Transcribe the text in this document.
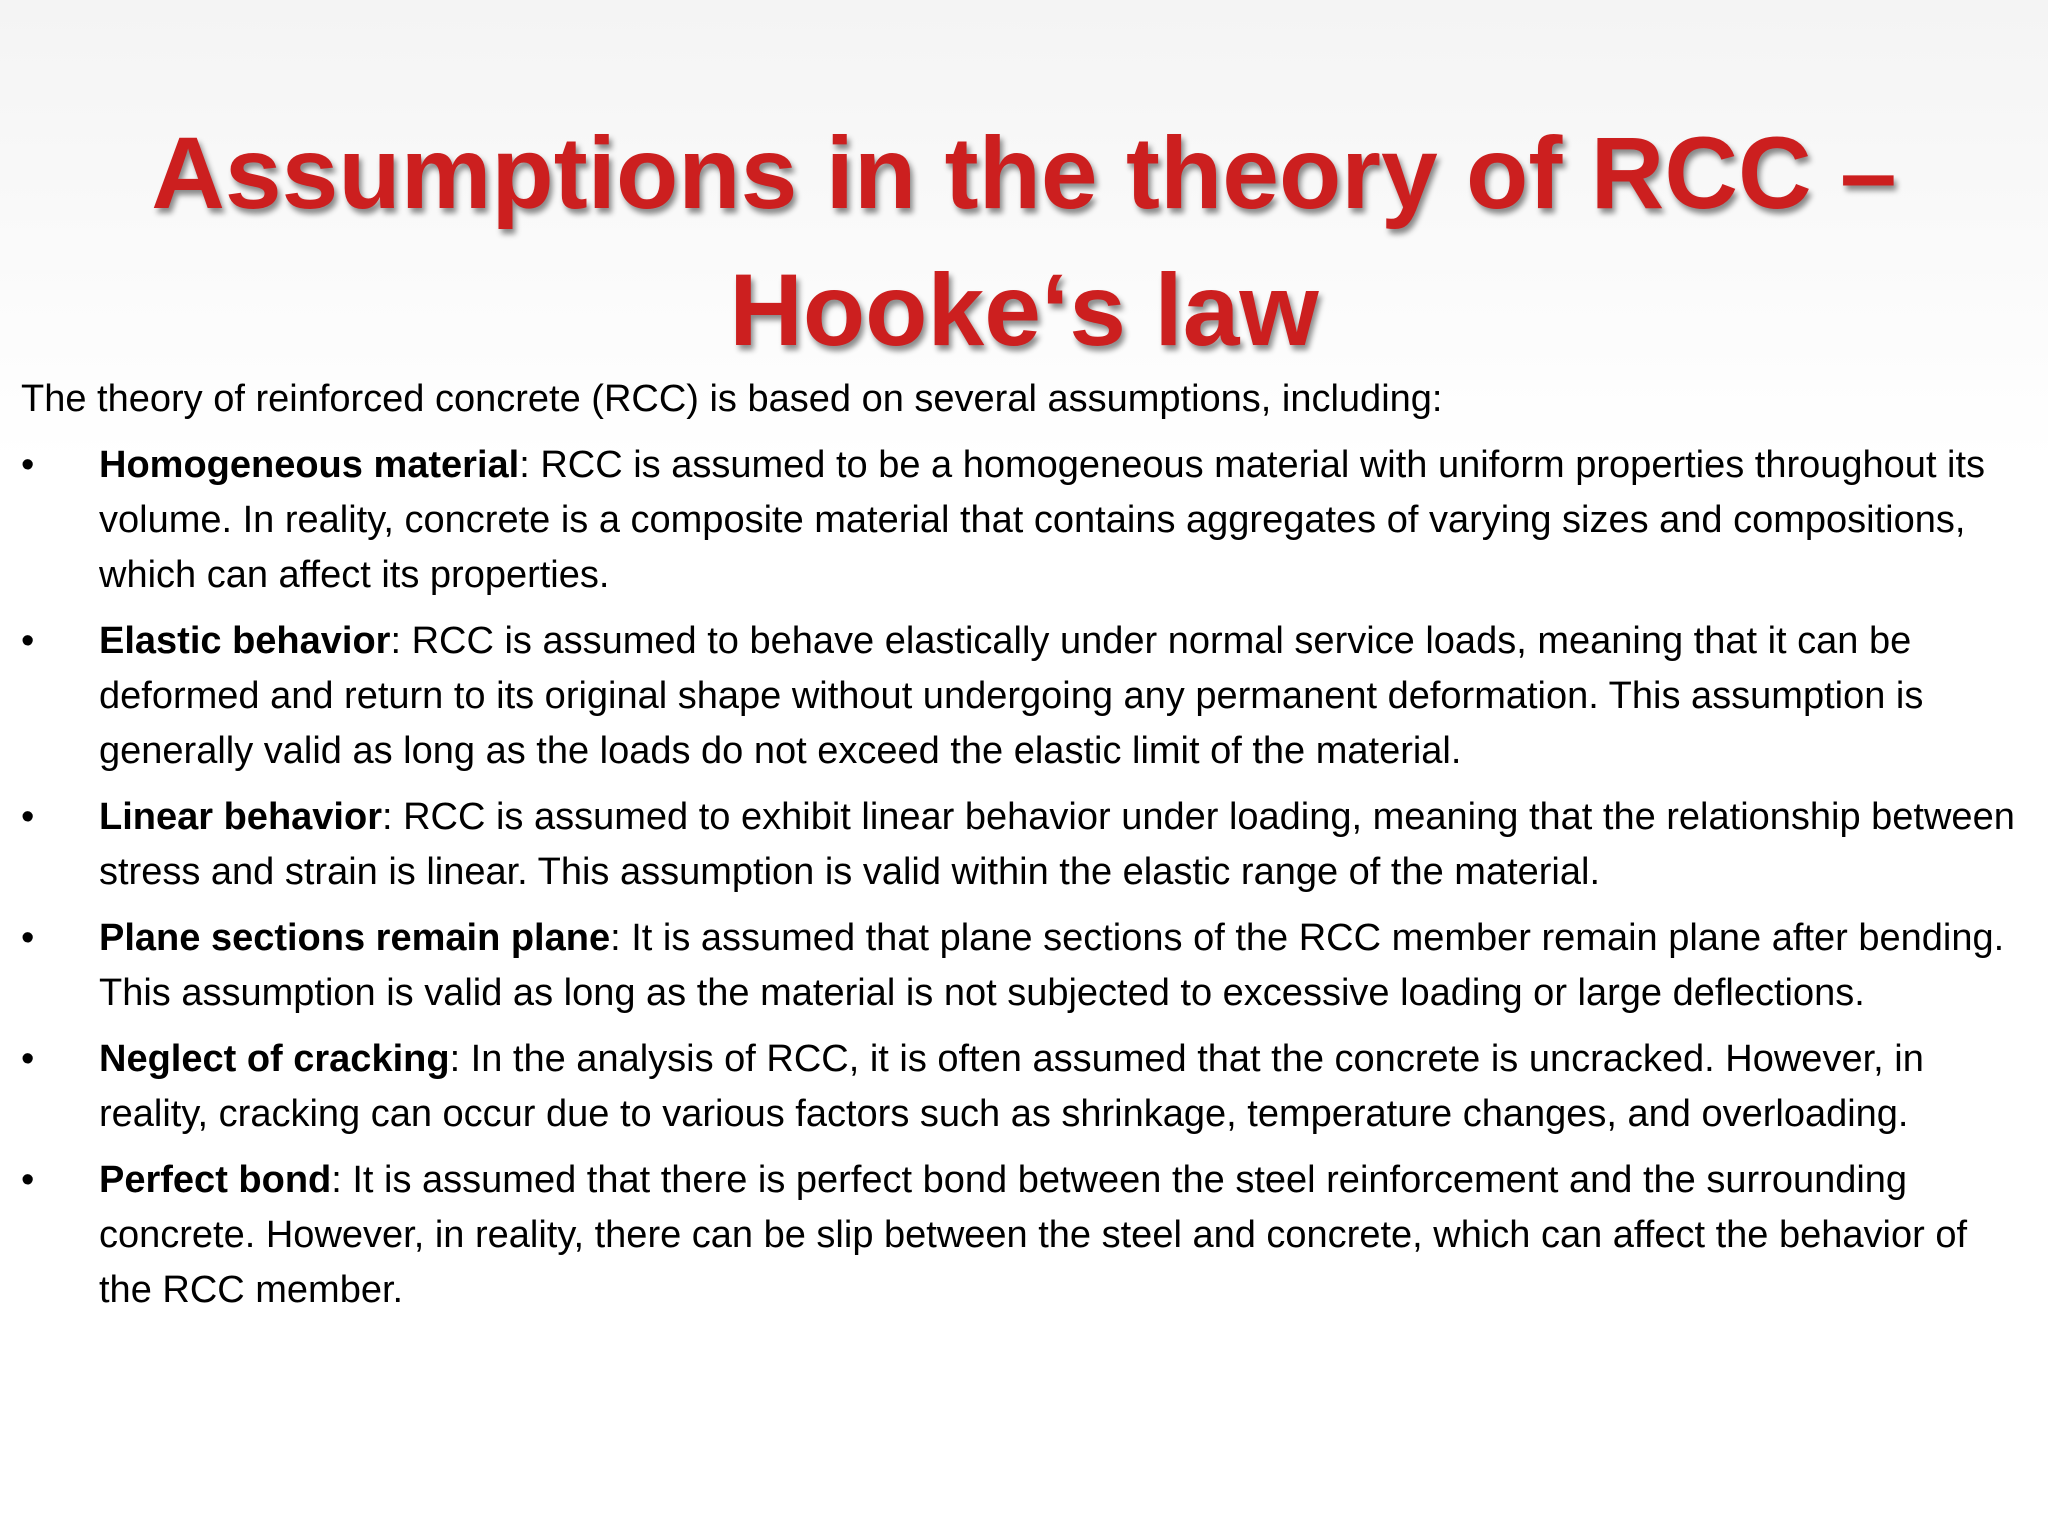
Assumptions in the theory of RCC –
Hooke‘s law

The theory of reinforced concrete (RCC) is based on several assumptions, including:

• Homogeneous material: RCC is assumed to be a homogeneous material with uniform properties throughout its volume. In reality, concrete is a composite material that contains aggregates of varying sizes and compositions, which can affect its properties.
• Elastic behavior: RCC is assumed to behave elastically under normal service loads, meaning that it can be deformed and return to its original shape without undergoing any permanent deformation. This assumption is generally valid as long as the loads do not exceed the elastic limit of the material.
• Linear behavior: RCC is assumed to exhibit linear behavior under loading, meaning that the relationship between stress and strain is linear. This assumption is valid within the elastic range of the material.
• Plane sections remain plane: It is assumed that plane sections of the RCC member remain plane after bending. This assumption is valid as long as the material is not subjected to excessive loading or large deflections.
• Neglect of cracking: In the analysis of RCC, it is often assumed that the concrete is uncracked. However, in reality, cracking can occur due to various factors such as shrinkage, temperature changes, and overloading.
• Perfect bond: It is assumed that there is perfect bond between the steel reinforcement and the surrounding concrete. However, in reality, there can be slip between the steel and concrete, which can affect the behavior of the RCC member.
